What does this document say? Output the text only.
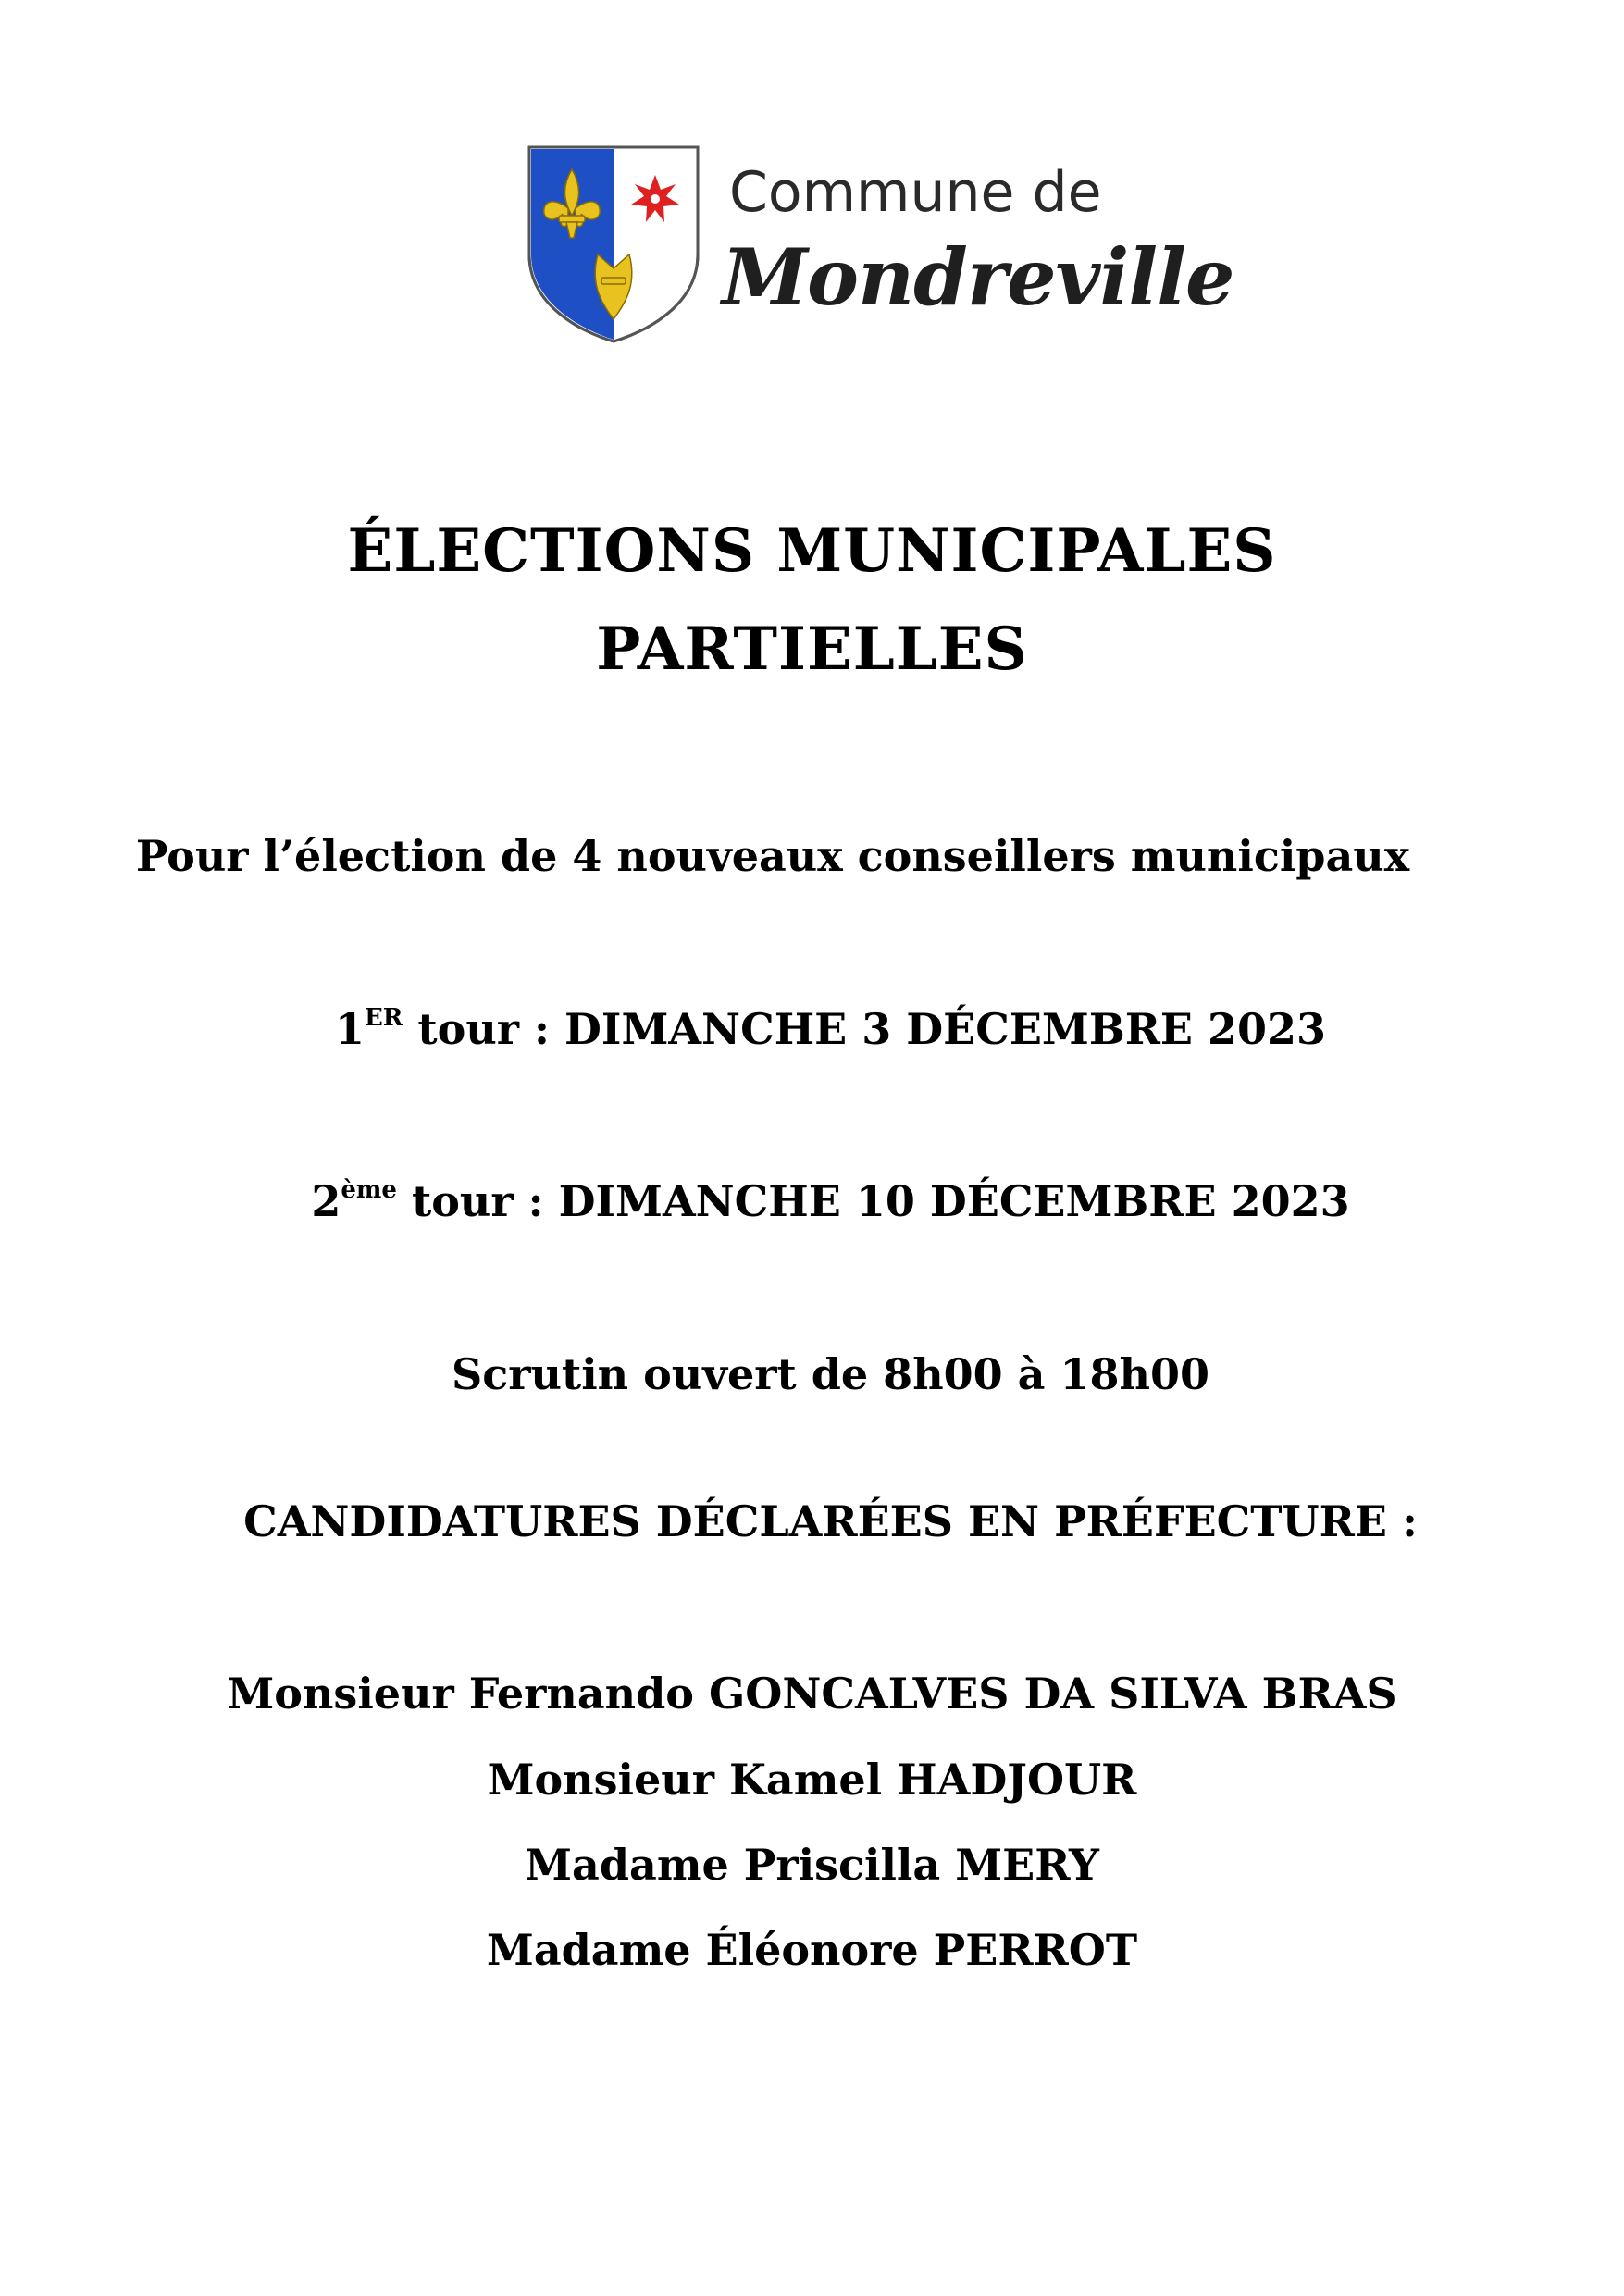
Commune de
Mondreville
ÉLECTIONS MUNICIPALES
PARTIELLES
Pour l’élection de 4 nouveaux conseillers municipaux
1ER tour : DIMANCHE 3 DÉCEMBRE 2023
2ème tour : DIMANCHE 10 DÉCEMBRE 2023
Scrutin ouvert de 8h00 à 18h00
CANDIDATURES DÉCLARÉES EN PRÉFECTURE :
Monsieur Fernando GONCALVES DA SILVA BRAS
Monsieur Kamel HADJOUR
Madame Priscilla MERY
Madame Éléonore PERROT
